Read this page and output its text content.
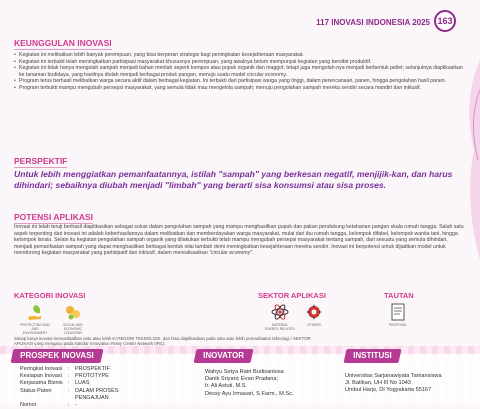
117 INOVASI INDONESIA 2025 163
KEUNGGULAN INOVASI
• Kegiatan ini melibatkan lebih banyak perempuan, yang bisa berperan strategis bagi peningkatan kesejahteraan masyarakat.
• Kegiatan ini terbukti telah meningkatkan partisipasi masyarakat khususnya perempuan, yang awalnya belum mempunyai kegiatan yang bersifat produktif.
• Kegiatan ini tidak hanya mengolah sampah menjadi bahan mentah seperti kompos atau pupuk organik dan maggot; tetapi juga mengolah-nya menjadi berbentuk pellet; selanjutnya diaplikasikan ke tanaman budidaya, yang hasilnya diolah menjadi berbagai produk pangan, menuju suatu model circular economy.
• Program terus berhasil melibatkan warga secara aktif dalam berbagai kegiatan. Ini terbukti dari partisipasi warga yang tinggi, dalam perencanaan, panen, hingga pengolahan hasil panen.
• Program terbukti mampu mengubah persepsi masyarakat, yang semula tidak mau mengelola sampah; menuju pengolahan sampah mereka sendiri secara mandiri dan inklusif.
PERSPEKTIF
Untuk lebih menggiatkan pemanfaatannya, istilah "sampah" yang berkesan negatif, menjijik-kan, dan harus dihindari; sebaiknya diubah menjadi "limbah" yang berarti sisa konsumsi atau sisa proses.
POTENSI APLIKASI
Inovasi ini telah teruji berhasil diaplikasikan sebagai solusi dalam pengolahan sampah yang mampu menghasilkan pupuk dan pakan pendukung ketahanan pangan skala rumah tangga. Salah satu aspek terpenting dari inovasi ini adalah keberhasilannya dalam melibatkan dan memberdayakan warga masyarakat, mulai dari ibu rumah tangga, kelompok difabel, kelompok wanita tani, hingga kelompok lansia. Selain itu kegiatan pengolahan sampah organik yang dilakukan terbukti telah mampu mengubah persepsi masyarakat tentang sampah, dari sesuatu yang semula dihindari, menjadi pemanfaatan sampah yang dapat menghasilkan berbagai bentuk nilai tambah demi meningkatkan kesejahteraan mereka sendiri. Inovasi ini berpotensi untuk dijadikan model untuk mendorong kegiatan masyarakat yang partisipatif dan inklusif, dalam merealisasikan "circular economy".
KATEGORI INOVASI
PROTECTING MAN AND ENVIRONMENT
SOCIAL AND ECONOMIC CONCERNS
SEKTOR APLIKASI
MATERIAL ENERGY RELATED
OTHERS
TAUTAN
PROPOSAL
Setiap karya inovasi memanfaatkan satu atau lebih KATEGORI TEKNOLOGI, dan bisa diaplikasikan pada satu atau lebih pemanfaatan teknologi / SEKTOR APLIKASI yang mengacu pada standar Innovation Relay Center Network (IRC).
PROSPEK INOVASI	INOVATOR	INSTITUSI
Peringkat Inovasi	: PROSPEKTIF
Kesiapan Inovasi	: PROTOTYPE
Kerjasama Bisnis	: LUAS
Status Paten	: DALAM PROSES PENGAJUAN
Nomor	: -
Wahyu Setya Ratri Budisantosa
Danik Sriyani; Evan Pradana;
Ir. Ali Astuti, M.S.
Dessy Ayu Irmasari, S.Farm., M.Sc.
Universitas Sarjanawiyata Tamansiswa
Jl. Batikan, UH III No 1043
Umbul Harjo, DI Yogyakarta 55167
